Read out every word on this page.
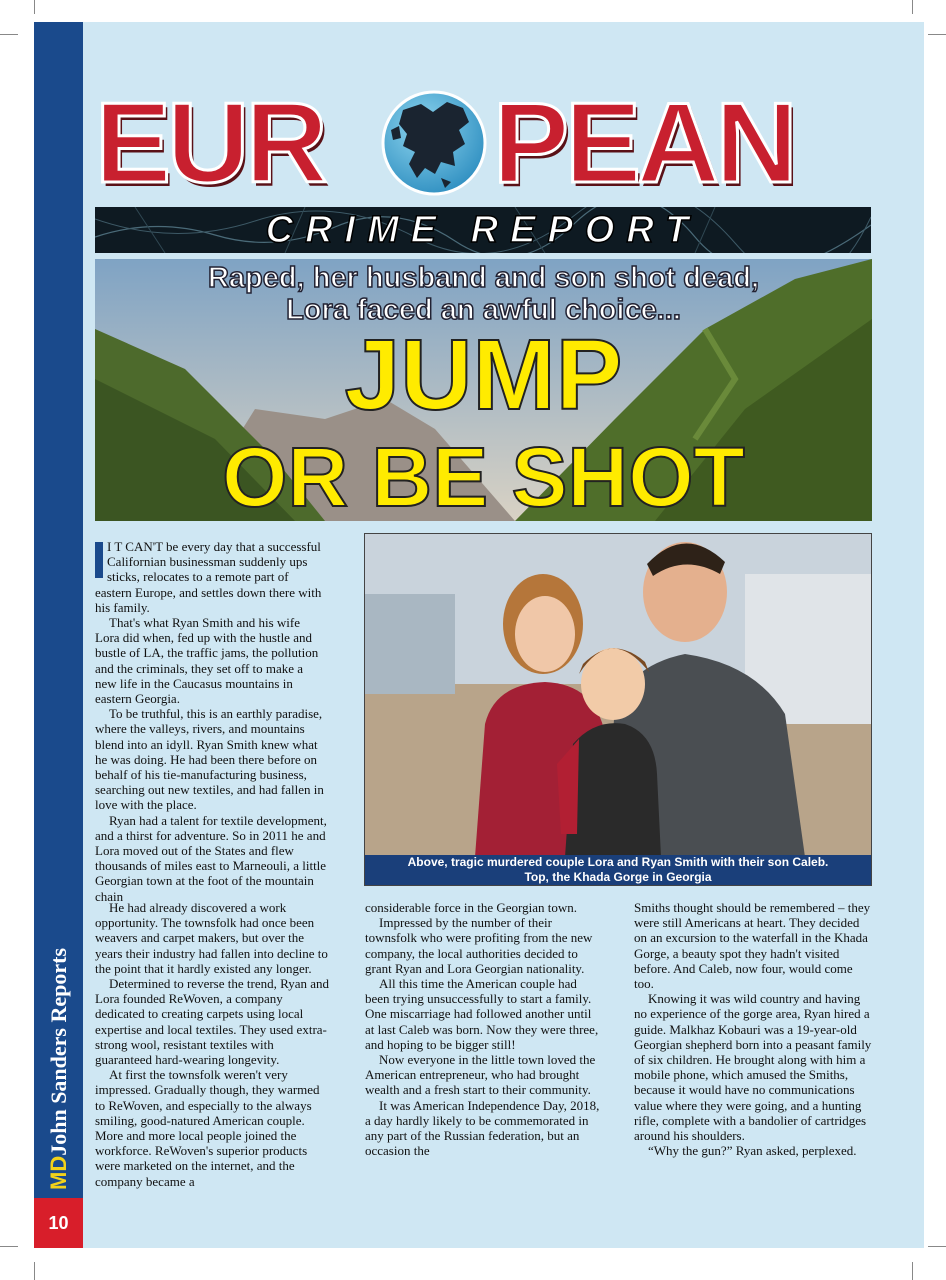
MDJohn Sanders Reports
10
EUR PEAN
CRIME REPORT
Raped, her husband and son shot dead,
Lora faced an awful choice...
JUMP
OR BE SHOT
Above, tragic murdered couple Lora and Ryan Smith with their son Caleb.
Top, the Khada Gorge in Georgia

I T CAN'T be every day that a successful Californian businessman suddenly ups sticks, relocates to a remote part of eastern Europe, and settles down there with his family.

That's what Ryan Smith and his wife Lora did when, fed up with the hustle and bustle of LA, the traffic jams, the pollution and the criminals, they set off to make a new life in the Caucasus mountains in eastern Georgia.

To be truthful, this is an earthly paradise, where the valleys, rivers, and mountains blend into an idyll. Ryan Smith knew what he was doing. He had been there before on behalf of his tie-manufacturing business, searching out new textiles, and had fallen in love with the place.

Ryan had a talent for textile development, and a thirst for adventure. So in 2011 he and Lora moved out of the States and flew thousands of miles east to Marneouli, a little Georgian town at the foot of the mountain chain

He had already discovered a work opportunity. The townsfolk had once been weavers and carpet makers, but over the years their industry had fallen into decline to the point that it hardly existed any longer.

Determined to reverse the trend, Ryan and Lora founded ReWoven, a company dedicated to creating carpets using local expertise and local textiles. They used extra-strong wool, resistant textiles with guaranteed hard-wearing longevity.

At first the townsfolk weren't very impressed. Gradually though, they warmed to ReWoven, and especially to the always smiling, good-natured American couple. More and more local people joined the workforce. ReWoven's superior products were marketed on the internet, and the company became a

considerable force in the Georgian town.

Impressed by the number of their townsfolk who were profiting from the new company, the local authorities decided to grant Ryan and Lora Georgian nationality.

All this time the American couple had been trying unsuccessfully to start a family. One miscarriage had followed another until at last Caleb was born. Now they were three, and hoping to be bigger still!

Now everyone in the little town loved the American entrepreneur, who had brought wealth and a fresh start to their community.

It was American Independence Day, 2018, a day hardly likely to be commemorated in any part of the Russian federation, but an occasion the

Smiths thought should be remembered – they were still Americans at heart. They decided on an excursion to the waterfall in the Khada Gorge, a beauty spot they hadn't visited before. And Caleb, now four, would come too.

Knowing it was wild country and having no experience of the gorge area, Ryan hired a guide. Malkhaz Kobauri was a 19-year-old Georgian shepherd born into a peasant family of six children. He brought along with him a mobile phone, which amused the Smiths, because it would have no communications value where they were going, and a hunting rifle, complete with a bandolier of cartridges around his shoulders.

“Why the gun?” Ryan asked, perplexed.
